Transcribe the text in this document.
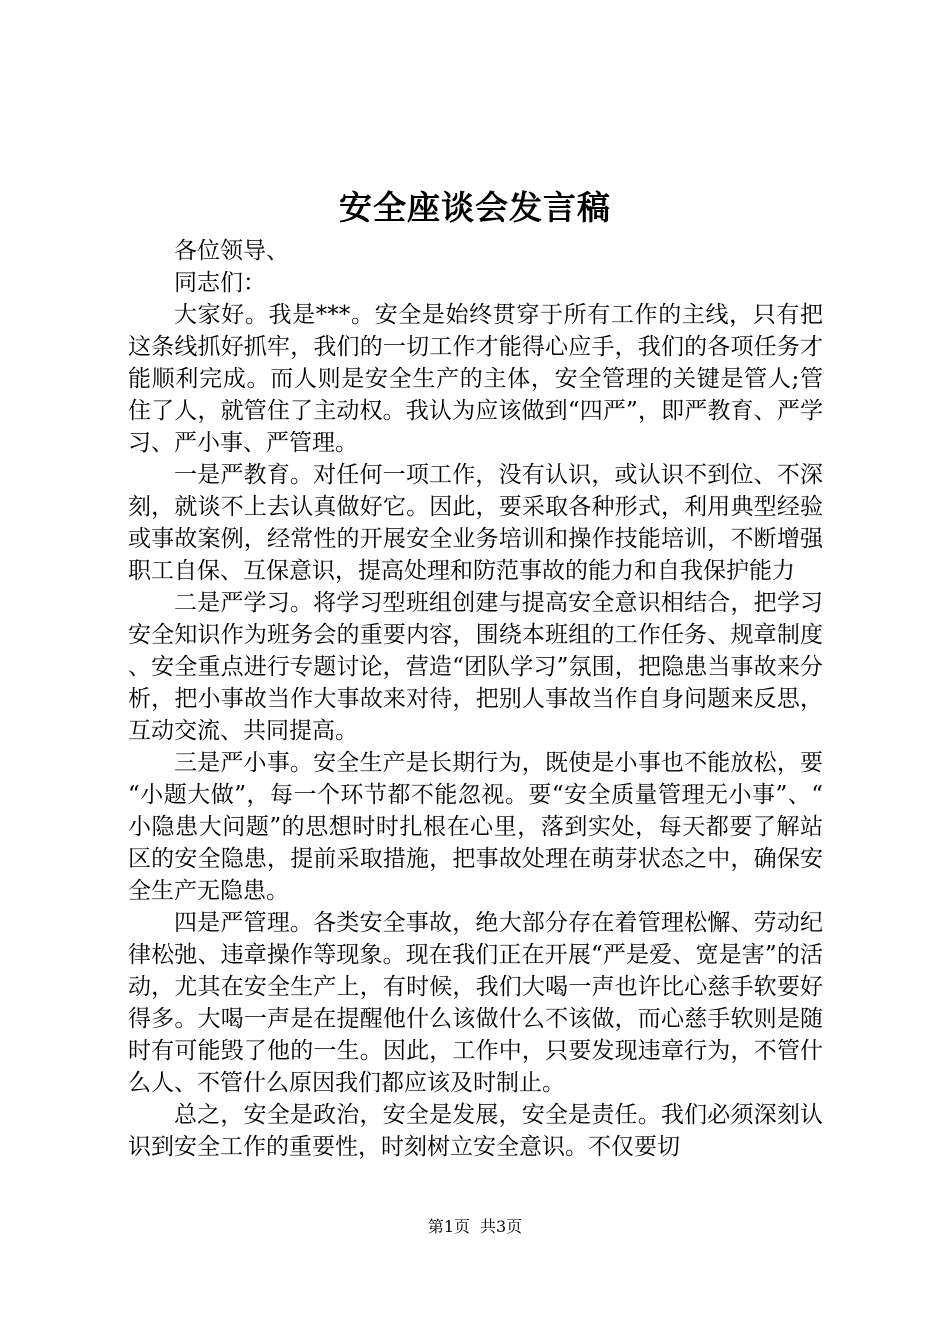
安全座谈会发言稿

各位领导、

同志们：

大家好。我是***。安全是始终贯穿于所有工作的主线，只有把这条线抓好抓牢，我们的一切工作才能得心应手，我们的各项任务才能顺利完成。而人则是安全生产的主体，安全管理的关键是管人;管住了人，就管住了主动权。我认为应该做到“四严”，即严教育、严学习、严小事、严管理。

一是严教育。对任何一项工作，没有认识，或认识不到位、不深刻，就谈不上去认真做好它。因此，要采取各种形式，利用典型经验或事故案例，经常性的开展安全业务培训和操作技能培训，不断增强职工自保、互保意识，提高处理和防范事故的能力和自我保护能力

二是严学习。将学习型班组创建与提高安全意识相结合，把学习安全知识作为班务会的重要内容，围绕本班组的工作任务、规章制度、安全重点进行专题讨论，营造“团队学习”氛围，把隐患当事故来分析，把小事故当作大事故来对待，把别人事故当作自身问题来反思，互动交流、共同提高。

三是严小事。安全生产是长期行为，既使是小事也不能放松，要“小题大做”，每一个环节都不能忽视。要“安全质量管理无小事”、“小隐患大问题”的思想时时扎根在心里，落到实处，每天都要了解站区的安全隐患，提前采取措施，把事故处理在萌芽状态之中，确保安全生产无隐患。

四是严管理。各类安全事故，绝大部分存在着管理松懈、劳动纪律松弛、违章操作等现象。现在我们正在开展“严是爱、宽是害”的活动，尤其在安全生产上，有时候，我们大喝一声也许比心慈手软要好得多。大喝一声是在提醒他什么该做什么不该做，而心慈手软则是随时有可能毁了他的一生。因此，工作中，只要发现违章行为，不管什么人、不管什么原因我们都应该及时制止。

总之，安全是政治，安全是发展，安全是责任。我们必须深刻认识到安全工作的重要性，时刻树立安全意识。不仅要切

第1页 共3页
